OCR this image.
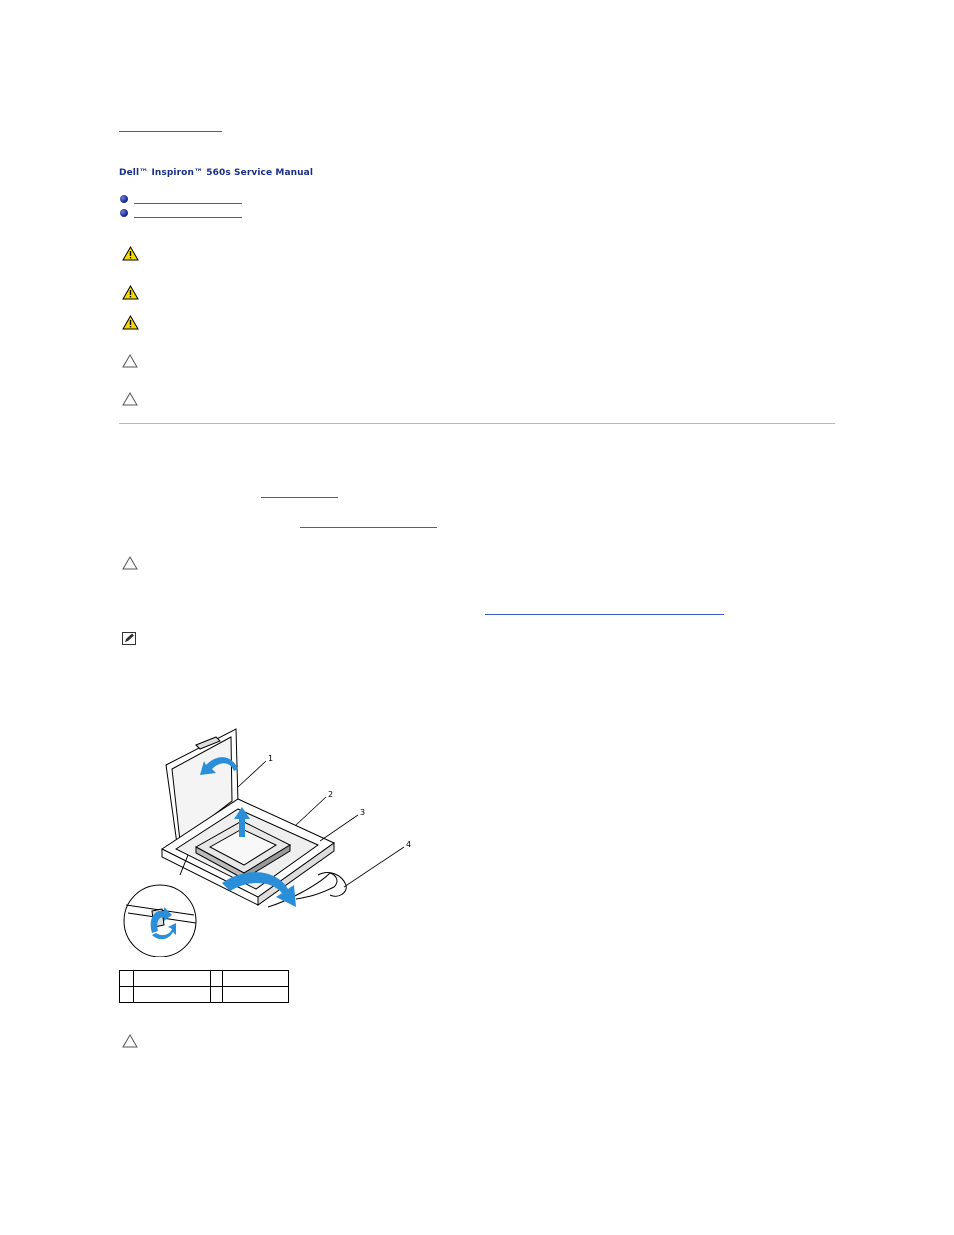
Dell™ Inspiron™ 560s Service Manual
1
2
3
4
